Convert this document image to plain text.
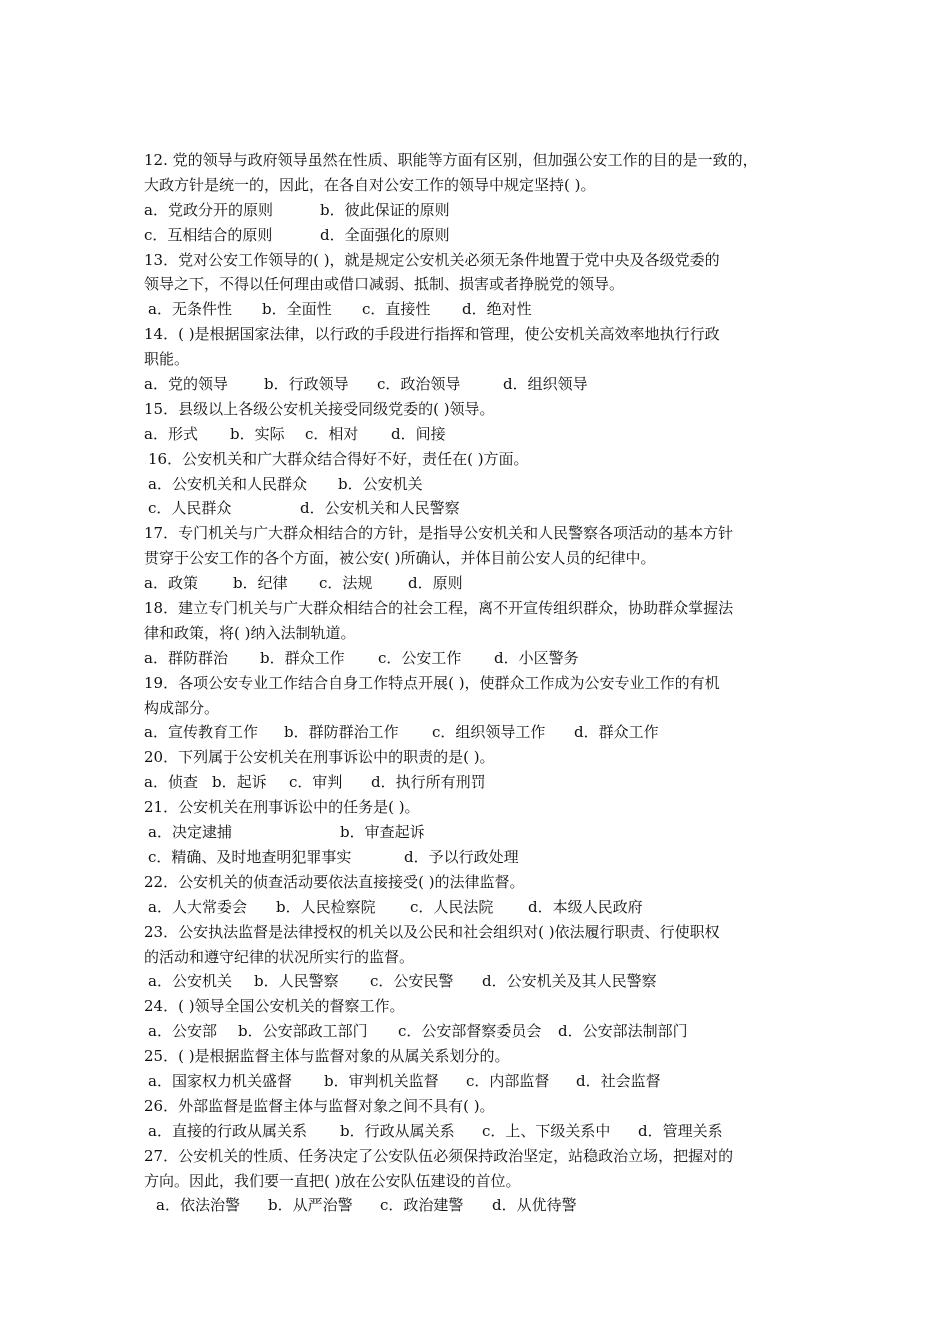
12. 党的领导与政府领导虽然在性质、职能等方面有区别，但加强公安工作的目的是一致的，
大政方针是统一的，因此，在各自对公安工作的领导中规定坚持( )。
a．党政分开的原则	b．彼此保证的原则
c．互相结合的原则	d．全面强化的原则
13．党对公安工作领导的( )，就是规定公安机关必须无条件地置于党中央及各级党委的
领导之下，不得以任何理由或借口减弱、抵制、损害或者挣脱党的领导。
a．无条件性 b．全面性 c．直接性 d．绝对性
14．( )是根据国家法律，以行政的手段进行指挥和管理，使公安机关高效率地执行行政
职能。
a．党的领导 b．行政领导 c．政治领导	d．组织领导
15．县级以上各级公安机关接受同级党委的( )领导。
a．形式 b．实际 c．相对 d．间接
16．公安机关和广大群众结合得好不好，责任在( )方面。
a．公安机关和人民群众 b．公安机关
c．人民群众	d．公安机关和人民警察
17．专门机关与广大群众相结合的方针，是指导公安机关和人民警察各项活动的基本方针
贯穿于公安工作的各个方面，被公安( )所确认，并体目前公安人员的纪律中。
a．政策 b．纪律 c．法规 d．原则
18．建立专门机关与广大群众相结合的社会工程，离不开宣传组织群众，协助群众掌握法
律和政策，将( )纳入法制轨道。
a．群防群治 b．群众工作 c．公安工作 d．小区警务
19．各项公安专业工作结合自身工作特点开展( )，使群众工作成为公安专业工作的有机
构成部分。
a．宣传教育工作 b．群防群治工作 c．组织领导工作 d．群众工作
20．下列属于公安机关在刑事诉讼中的职责的是( )。
a．侦查 b．起诉 c．审判 d．执行所有刑罚
21．公安机关在刑事诉讼中的任务是( )。
a．决定逮捕	b．审查起诉
c．精确、及时地查明犯罪事实	d．予以行政处理
22．公安机关的侦查活动要依法直接接受( )的法律监督。
a．人大常委会 b．人民检察院 c．人民法院 d．本级人民政府
23．公安执法监督是法律授权的机关以及公民和社会组织对( )依法履行职责、行使职权
的活动和遵守纪律的状况所实行的监督。
a．公安机关 b．人民警察 c．公安民警 d．公安机关及其人民警察
24．( )领导全国公安机关的督察工作。
a．公安部 b．公安部政工部门 c．公安部督察委员会 d．公安部法制部门
25．( )是根据监督主体与监督对象的从属关系划分的。
a．国家权力机关盛督 b．审判机关监督 c．内部监督 d．社会监督
26．外部监督是监督主体与监督对象之间不具有( )。
a．直接的行政从属关系 b．行政从属关系 c．上、下级关系中 d．管理关系
27．公安机关的性质、任务决定了公安队伍必须保持政治坚定，站稳政治立场，把握对的
方向。因此，我们要一直把( )放在公安队伍建设的首位。
a．依法治警 b．从严治警 c．政治建警 d．从优待警
